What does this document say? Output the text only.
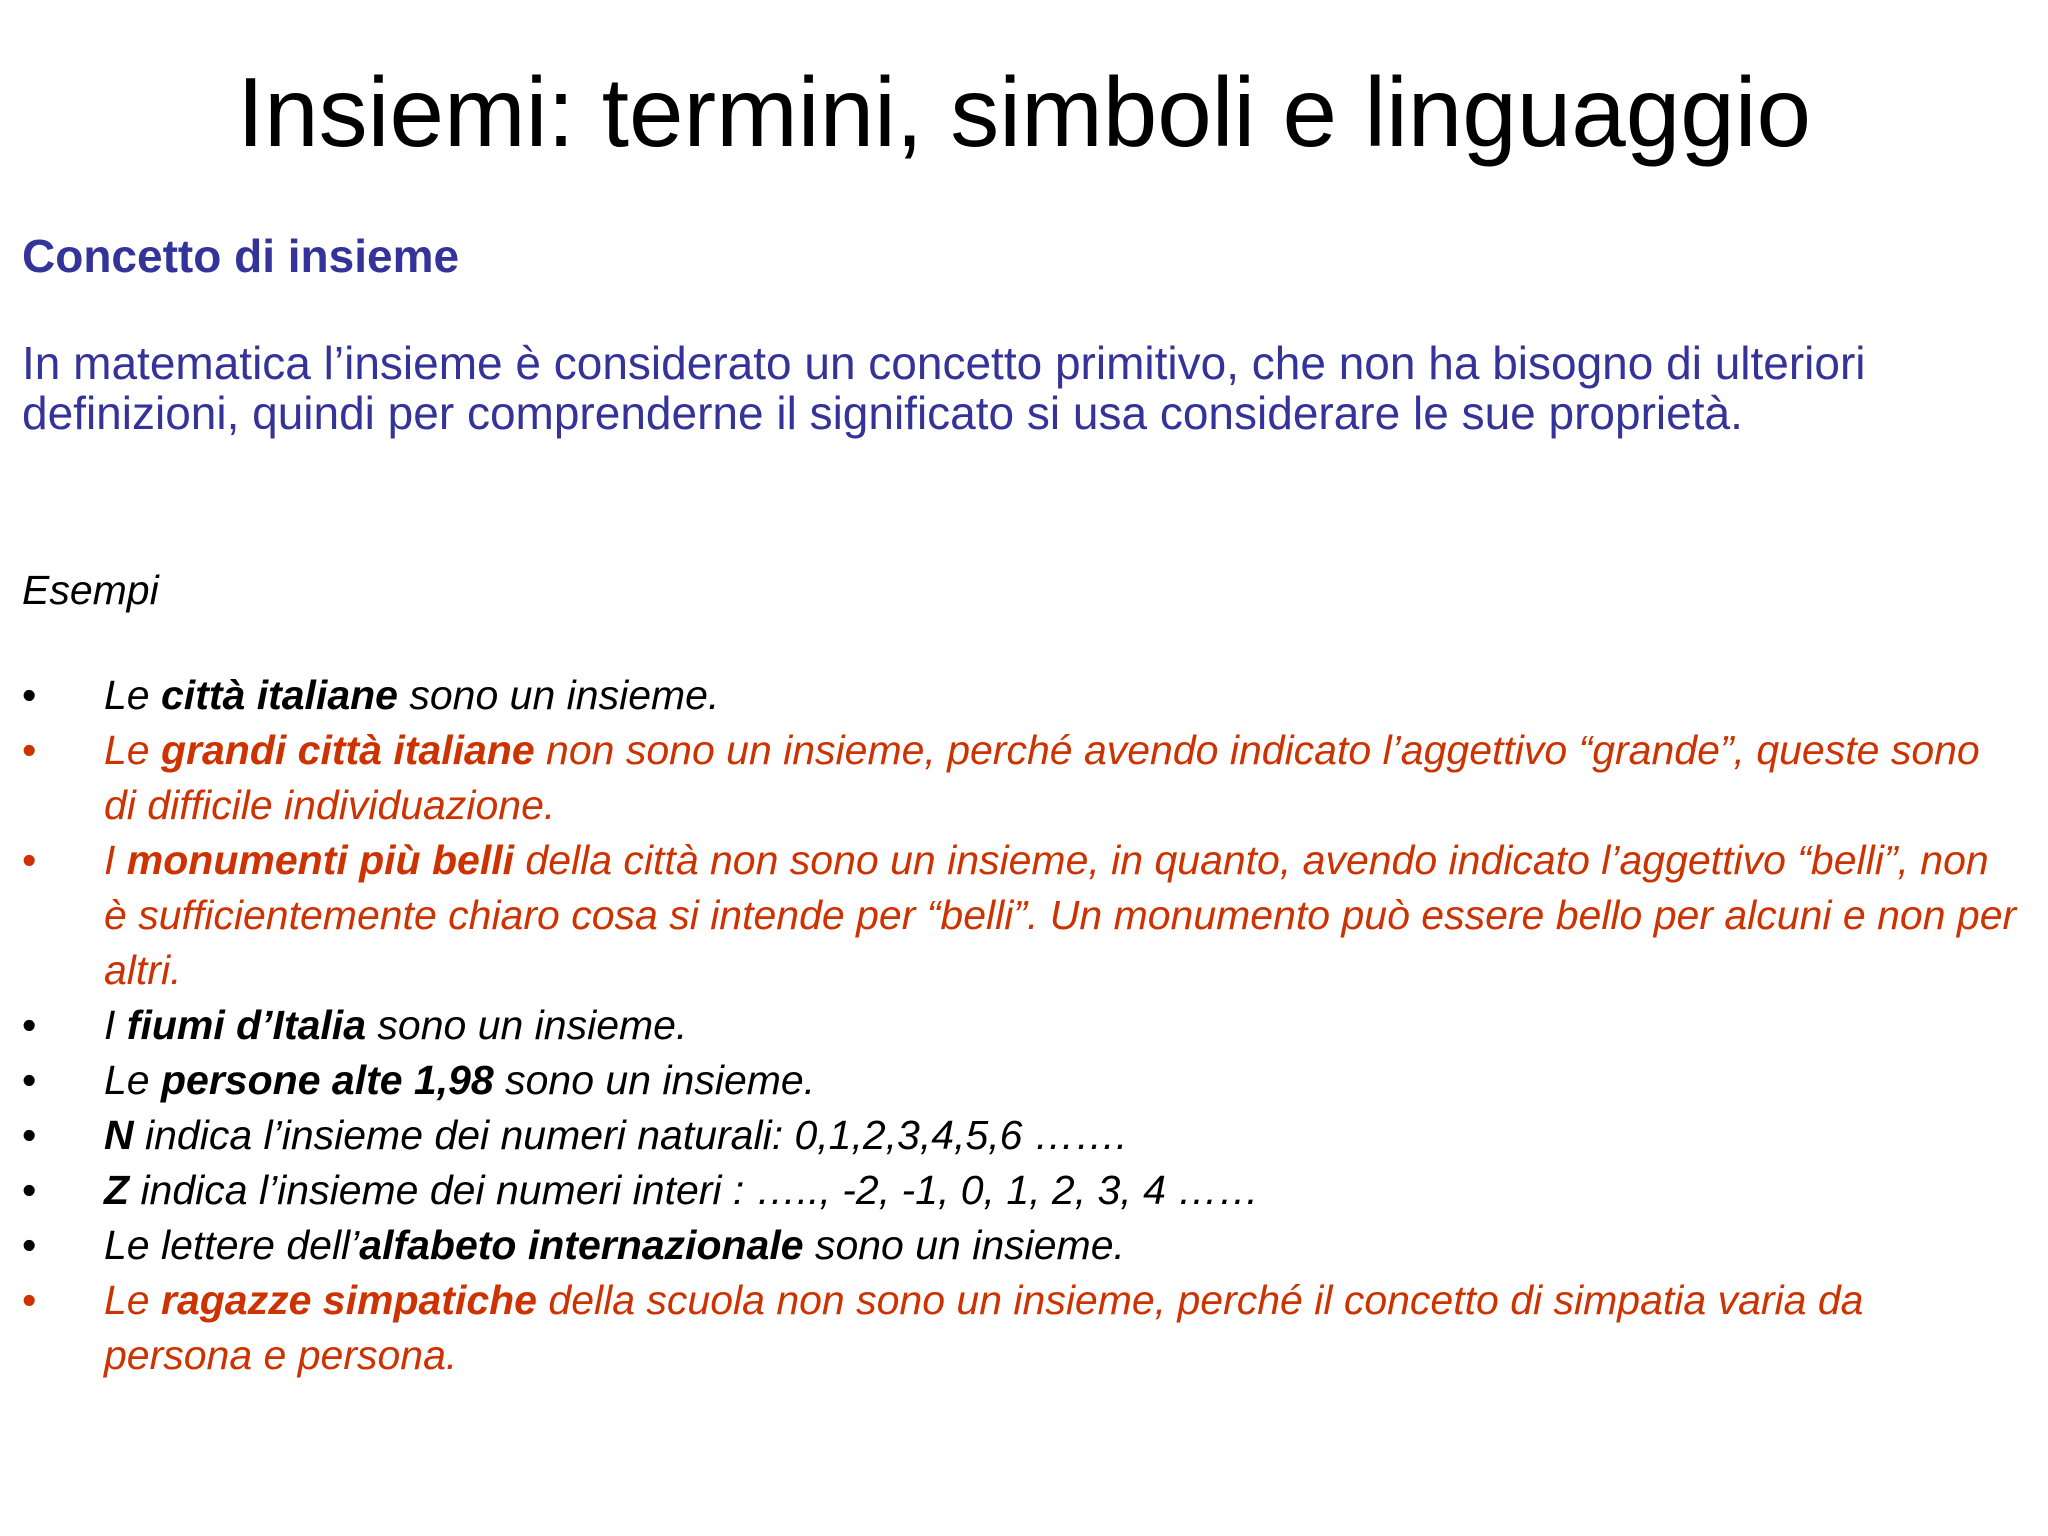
Insiemi: termini, simboli e linguaggio
Concetto di insieme

In matematica l’insieme è considerato un concetto primitivo, che non ha bisogno di ulteriori definizioni, quindi per comprenderne il significato si usa considerare le sue proprietà.

Esempi

•	Le città italiane sono un insieme.
•	Le grandi città italiane non sono un insieme, perché avendo indicato l’aggettivo “grande”, queste sono di difficile individuazione.
•	I monumenti più belli della città non sono un insieme, in quanto, avendo indicato l’aggettivo “belli”, non è sufficientemente chiaro cosa si intende per “belli”. Un monumento può essere bello per alcuni e non per altri.
•	I fiumi d’Italia sono un insieme.
•	Le persone alte 1,98 sono un insieme.
•	N indica l’insieme dei numeri naturali: 0,1,2,3,4,5,6 …….
•	Z indica l’insieme dei numeri interi : ….., -2, -1, 0, 1, 2, 3, 4 ……
•	Le lettere dell’alfabeto internazionale sono un insieme.
•	Le ragazze simpatiche della scuola non sono un insieme, perché il concetto di simpatia varia da persona e persona.
